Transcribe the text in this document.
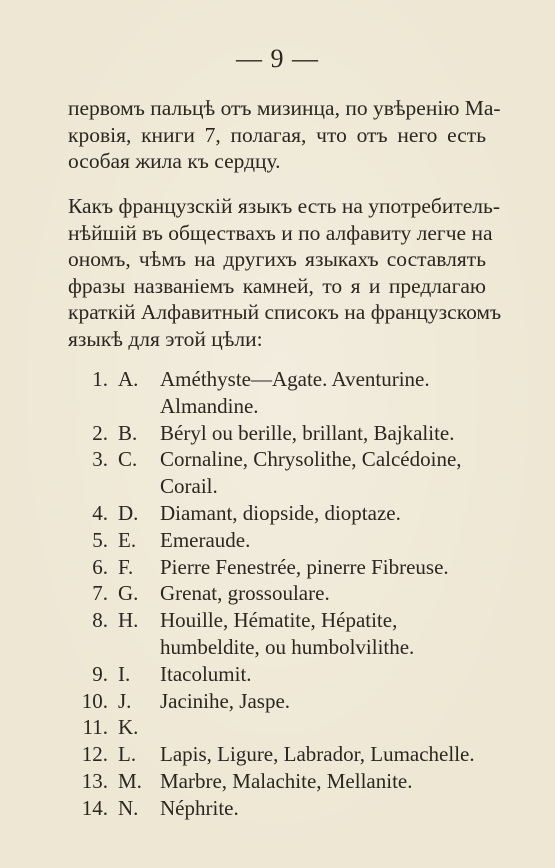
— 9 —
первомъ пальцѣ отъ мизинца, по увѣренію Ма-
кровія, книги 7, полагая, что отъ него есть
особая жила къ сердцу.
Какъ французскій языкъ есть на употребитель-
нѣйшій въ обществахъ и по алфавиту легче на
ономъ, чѣмъ на другихъ языкахъ составлять
фразы названіемъ камней, то я и предлагаю
краткій Алфавитный списокъ на французскомъ
языкѣ для этой цѣли:
1. A.	Améthyste—Agate. Aventurine.
Almandine.
2. B.	Béryl ou berille, brillant, Bajkalite.
3. C.	Cornaline, Chrysolithe, Calcédoine,
Corail.
4. D.	Diamant, diopside, dioptaze.
5. E.	Emeraude.
6. F.	Pierre Fenestrée, pinerre Fibreuse.
7. G.	Grenat, grossoulare.
8. H.	Houille, Hématite, Hépatite,
humbeldite, ou humbolvilithe.
9. I.	Itacolumit.
10. J.	Jacinihe, Jaspe.
11. K.
12. L.	Lapis, Ligure, Labrador, Lumachelle.
13. M. Marbre, Malachite, Mellanite.
14. N.	Néphrite.
